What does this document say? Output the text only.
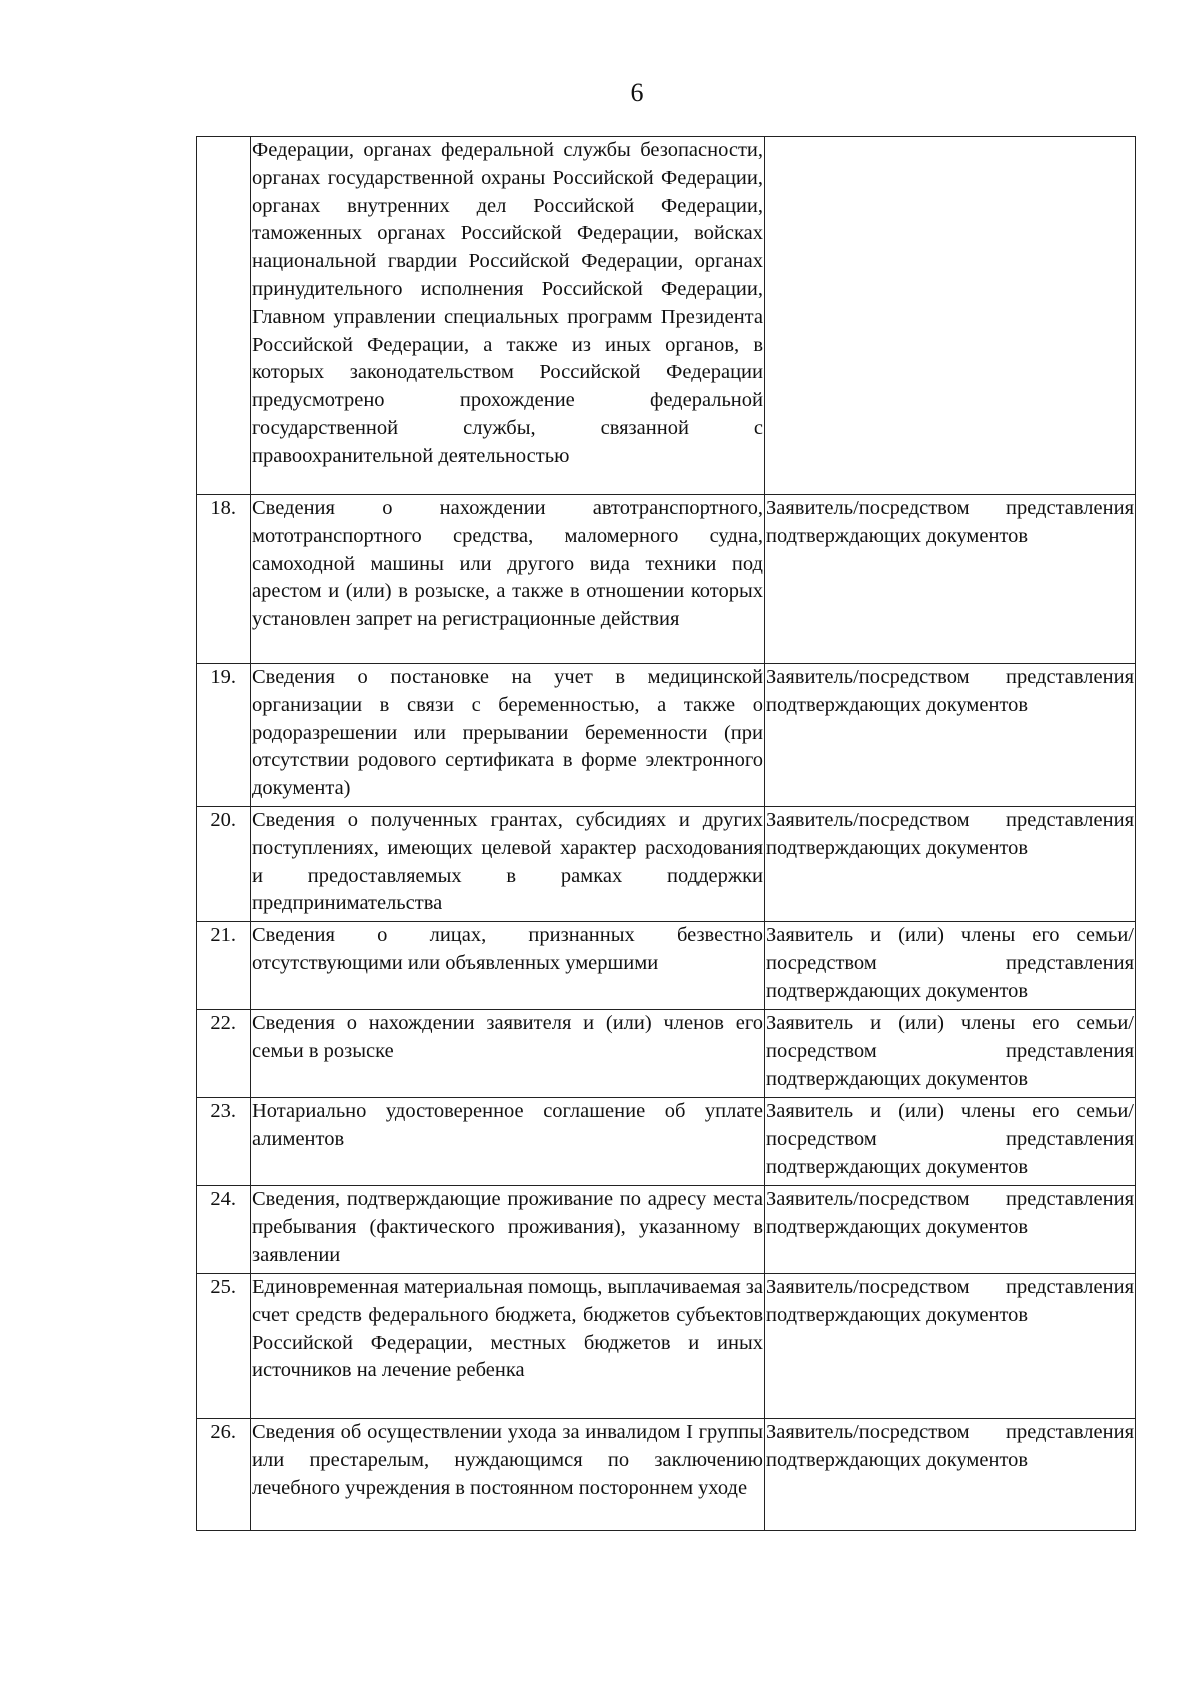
6
	Федерации, органах федеральной службы безопасности, органах государственной охраны Российской Федерации, органах внутренних дел Российской Федерации, таможенных органах Российской Федерации, войсках национальной гвардии Российской Федерации, органах принудительного исполнения Российской Федерации, Главном управлении специальных программ Президента Российской Федерации, а также из иных органов, в которых законодательством Российской Федерации предусмотрено прохождение федеральной государственной службы, связанной с правоохранительной деятельностью	
18.	Сведения о нахождении автотранспортного, мототранспортного средства, маломерного судна, самоходной машины или другого вида техники под арестом и (или) в розыске, а также в отношении которых установлен запрет на регистрационные действия	Заявитель/посредством представления подтверждающих документов
19.	Сведения о постановке на учет в медицинской организации в связи с беременностью, а также о родоразрешении или прерывании беременности (при отсутствии родового сертификата в форме электронного документа)	Заявитель/посредством представления подтверждающих документов
20.	Сведения о полученных грантах, субсидиях и других поступлениях, имеющих целевой характер расходования и предоставляемых в рамках поддержки предпринимательства	Заявитель/посредством представления подтверждающих документов
21.	Сведения о лицах, признанных безвестно отсутствующими или объявленных умершими	Заявитель и (или) члены его семьи/посредством представления подтверждающих документов
22.	Сведения о нахождении заявителя и (или) членов его семьи в розыске	Заявитель и (или) члены его семьи/посредством представления подтверждающих документов
23.	Нотариально удостоверенное соглашение об уплате алиментов	Заявитель и (или) члены его семьи/посредством представления подтверждающих документов
24.	Сведения, подтверждающие проживание по адресу места пребывания (фактического проживания), указанному в заявлении	Заявитель/посредством представления подтверждающих документов
25.	Единовременная материальная помощь, выплачиваемая за счет средств федерального бюджета, бюджетов субъектов Российской Федерации, местных бюджетов и иных источников на лечение ребенка	Заявитель/посредством представления подтверждающих документов
26.	Сведения об осуществлении ухода за инвалидом I группы или престарелым, нуждающимся по заключению лечебного учреждения в постоянном постороннем уходе	Заявитель/посредством представления подтверждающих документов
